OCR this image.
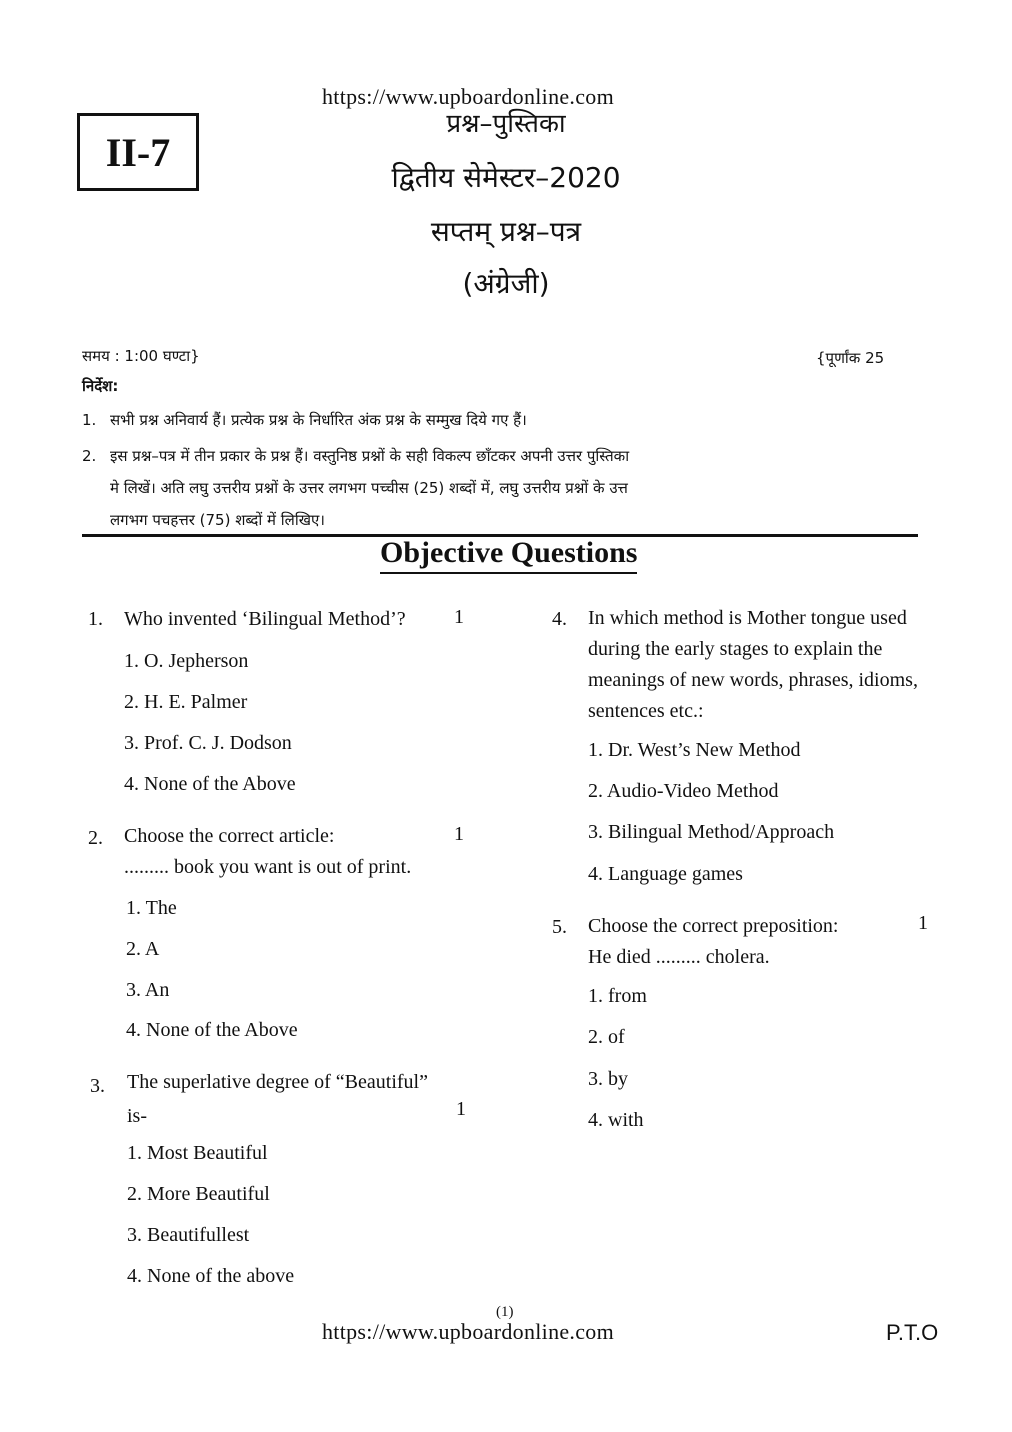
https://www.upboardonline.com
II-7
प्रश्न–पुस्तिका
द्वितीय सेमेस्टर–2020
सप्तम् प्रश्न–पत्र
(अंग्रेजी)
समय : 1:00 घण्टा}	{पूर्णांक 25
निर्देश:
1. सभी प्रश्न अनिवार्य हैं। प्रत्येक प्रश्न के निर्धारित अंक प्रश्न के सम्मुख दिये गए हैं।
2. इस प्रश्न–पत्र में तीन प्रकार के प्रश्न हैं। वस्तुनिष्ठ प्रश्नों के सही विकल्प छाँटकर अपनी उत्तर पुस्तिका
मे लिखें। अति लघु उत्तरीय प्रश्नों के उत्तर लगभग पच्चीस (25) शब्दों में, लघु उत्तरीय प्रश्नों के उत्त
लगभग पचहत्तर (75) शब्दों में लिखिए।
Objective Questions
1. Who invented ‘Bilingual Method’? 1
1. O. Jepherson
2. H. E. Palmer
3. Prof. C. J. Dodson
4. None of the Above
2. Choose the correct article:
......... book you want is out of print.
1
1. The
2. A
3. An
4. None of the Above
3. The superlative degree of “Beautiful”
is-	1
1. Most Beautiful
2. More Beautiful
3. Beautifullest
4. None of the above
4. In which method is Mother tongue used
during the early stages to explain the
meanings of new words, phrases, idioms,
sentences etc.:
1. Dr. West’s New Method
2. Audio-Video Method
3. Bilingual Method/Approach
4. Language games
5. Choose the correct preposition:
He died ......... cholera.
1
1. from
2. of
3. by
4. with
https://www.upboardonline.com
(1)
P.T.O
